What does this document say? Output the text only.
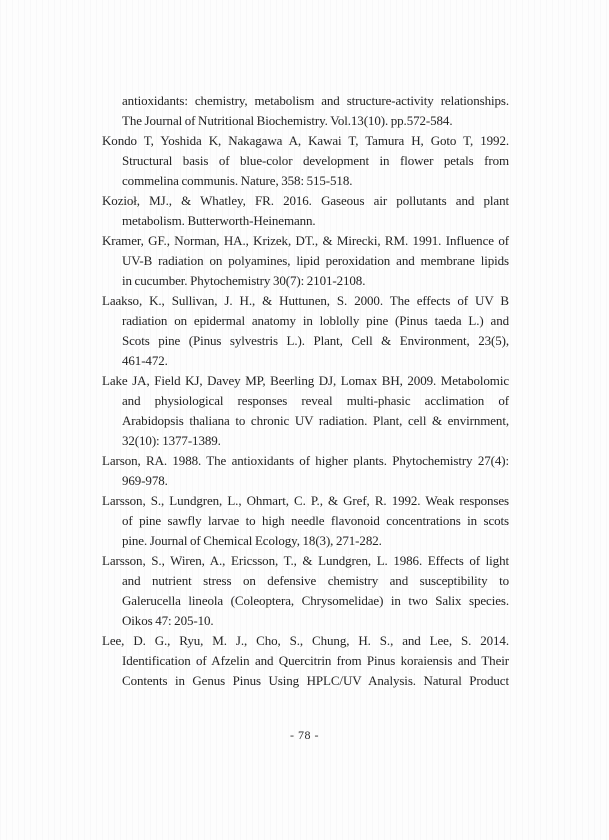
antioxidants: chemistry, metabolism and structure-activity relationships.
The Journal of Nutritional Biochemistry. Vol.13(10). pp.572-584.
Kondo T, Yoshida K, Nakagawa A, Kawai T, Tamura H, Goto T, 1992.
Structural basis of blue-color development in flower petals from
commelina communis. Nature, 358: 515-518.
Kozioł, MJ., & Whatley, FR. 2016. Gaseous air pollutants and plant
metabolism. Butterworth-Heinemann.
Kramer, GF., Norman, HA., Krizek, DT., & Mirecki, RM. 1991. Influence of
UV-B radiation on polyamines, lipid peroxidation and membrane lipids
in cucumber. Phytochemistry 30(7): 2101-2108.
Laakso, K., Sullivan, J. H., & Huttunen, S. 2000. The effects of UV B
radiation on epidermal anatomy in loblolly pine (Pinus taeda L.) and
Scots pine (Pinus sylvestris L.). Plant, Cell & Environment, 23(5),
461-472.
Lake JA, Field KJ, Davey MP, Beerling DJ, Lomax BH, 2009. Metabolomic
and physiological responses reveal multi-phasic acclimation of
Arabidopsis thaliana to chronic UV radiation. Plant, cell & envirnment,
32(10): 1377-1389.
Larson, RA. 1988. The antioxidants of higher plants. Phytochemistry 27(4):
969-978.
Larsson, S., Lundgren, L., Ohmart, C. P., & Gref, R. 1992. Weak responses
of pine sawfly larvae to high needle flavonoid concentrations in scots
pine. Journal of Chemical Ecology, 18(3), 271-282.
Larsson, S., Wiren, A., Ericsson, T., & Lundgren, L. 1986. Effects of light
and nutrient stress on defensive chemistry and susceptibility to
Galerucella lineola (Coleoptera, Chrysomelidae) in two Salix species.
Oikos 47: 205-10.
Lee, D. G., Ryu, M. J., Cho, S., Chung, H. S., and Lee, S. 2014.
Identification of Afzelin and Quercitrin from Pinus koraiensis and Their
Contents in Genus Pinus Using HPLC/UV Analysis. Natural Product
- 78 -
